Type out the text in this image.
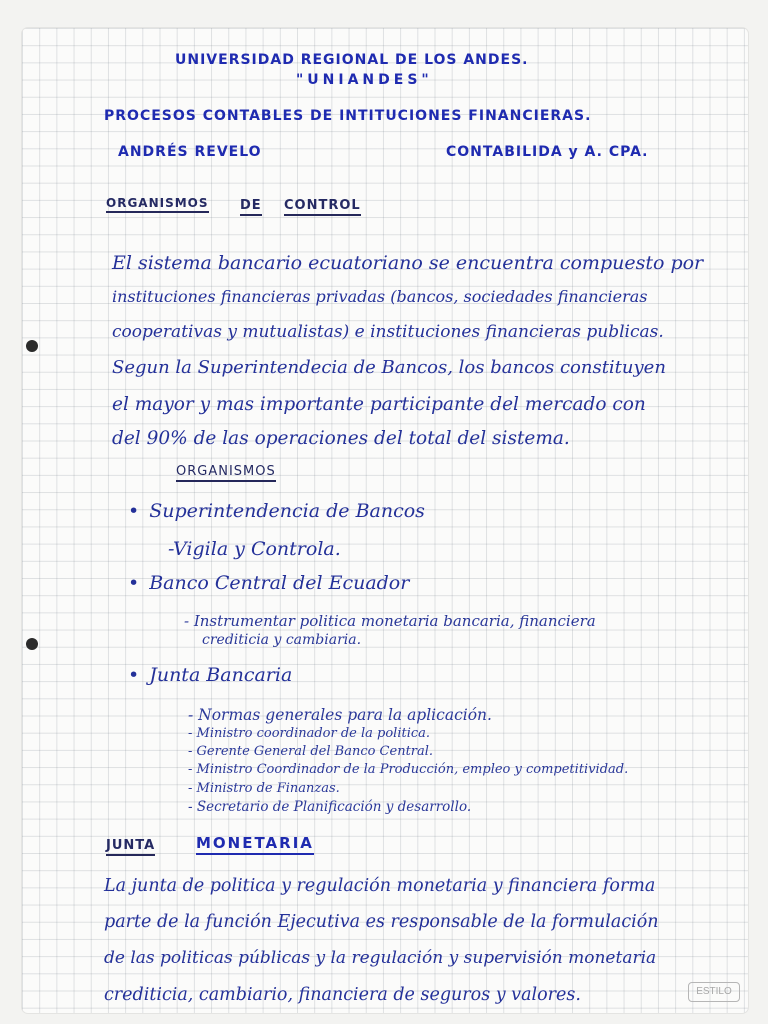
UNIVERSIDAD REGIONAL DE LOS ANDES.
"UNIANDES"
PROCESOS CONTABLES DE INTITUCIONES FINANCIERAS.
ANDRÉS REVELO	CONTABILIDA y A. CPA.
ORGANISMOS DE CONTROL
El sistema bancario ecuatoriano se encuentra compuesto por
instituciones financieras privadas (bancos, sociedades financieras
cooperativas y mutualistas) e instituciones financieras publicas.
Segun la Superintendecia de Bancos, los bancos constituyen
el mayor y mas importante participante del mercado con
del 90% de las operaciones del total del sistema.
ORGANISMOS
• Superintendencia de Bancos
-Vigila y Controla.
• Banco Central del Ecuador
- Instrumentar politica monetaria bancaria, financiera
crediticia y cambiaria.
• Junta Bancaria
- Normas generales para la aplicación.
- Ministro coordinador de la politica.
- Gerente General del Banco Central.
- Ministro Coordinador de la Producción, empleo y competitividad.
- Ministro de Finanzas.
- Secretario de Planificación y desarrollo.
JUNTA	MONETARIA
La junta de politica y regulación monetaria y financiera forma
parte de la función Ejecutiva es responsable de la formulación
de las politicas públicas y la regulación y supervisión monetaria
crediticia, cambiario, financiera de seguros y valores.	ESTILO
